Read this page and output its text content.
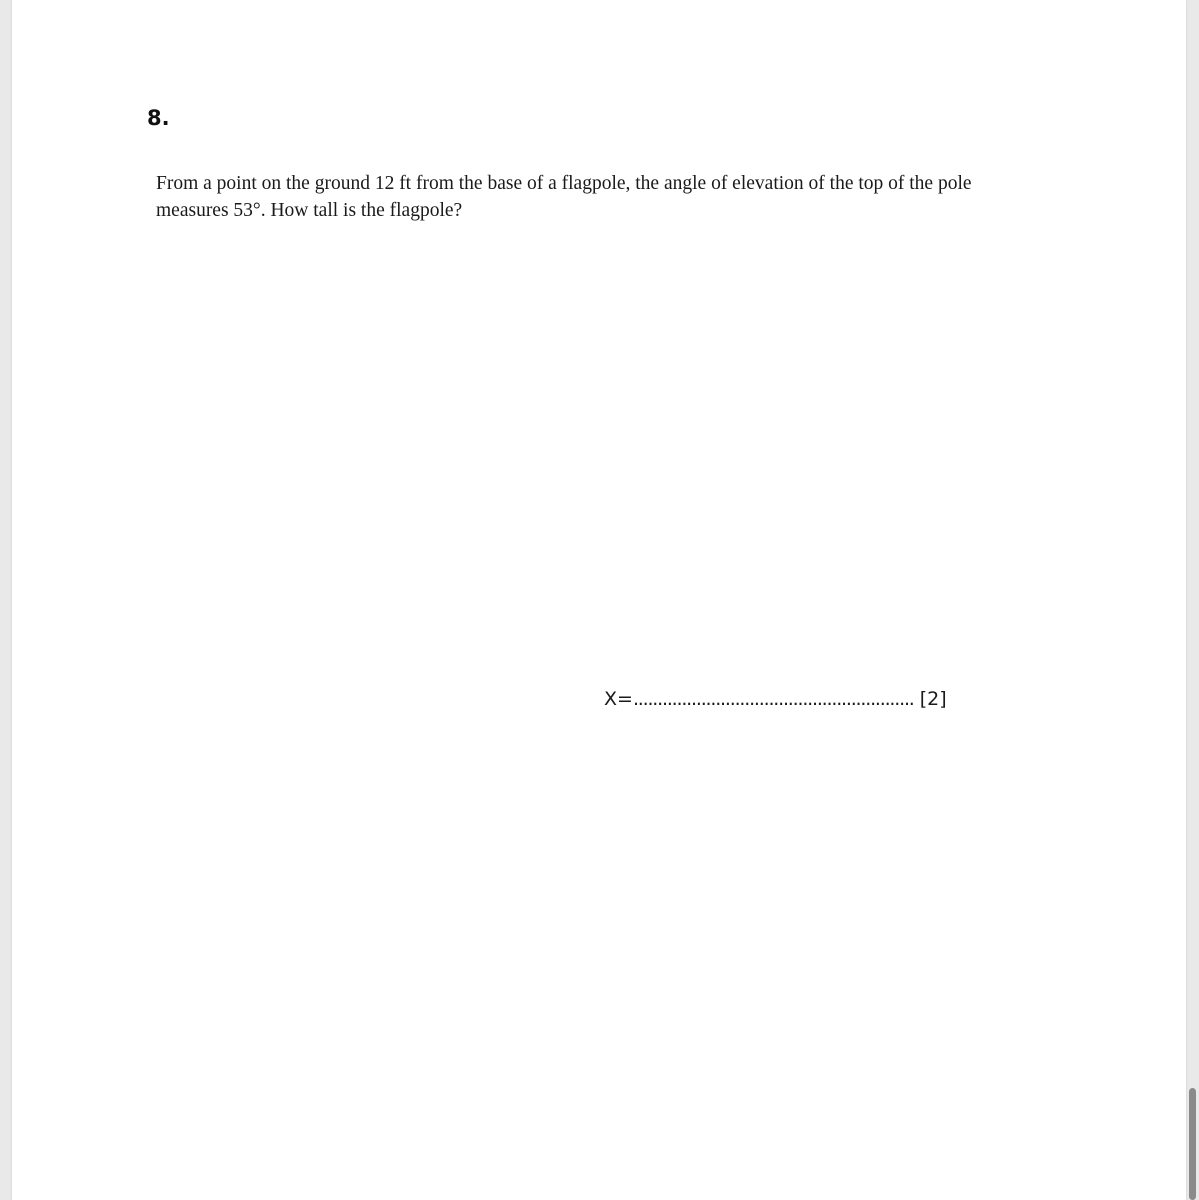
8.

From a point on the ground 12 ft from the base of a flagpole, the angle of elevation of the top of the pole
measures 53°. How tall is the flagpole?

X=.......................................................... [2]
